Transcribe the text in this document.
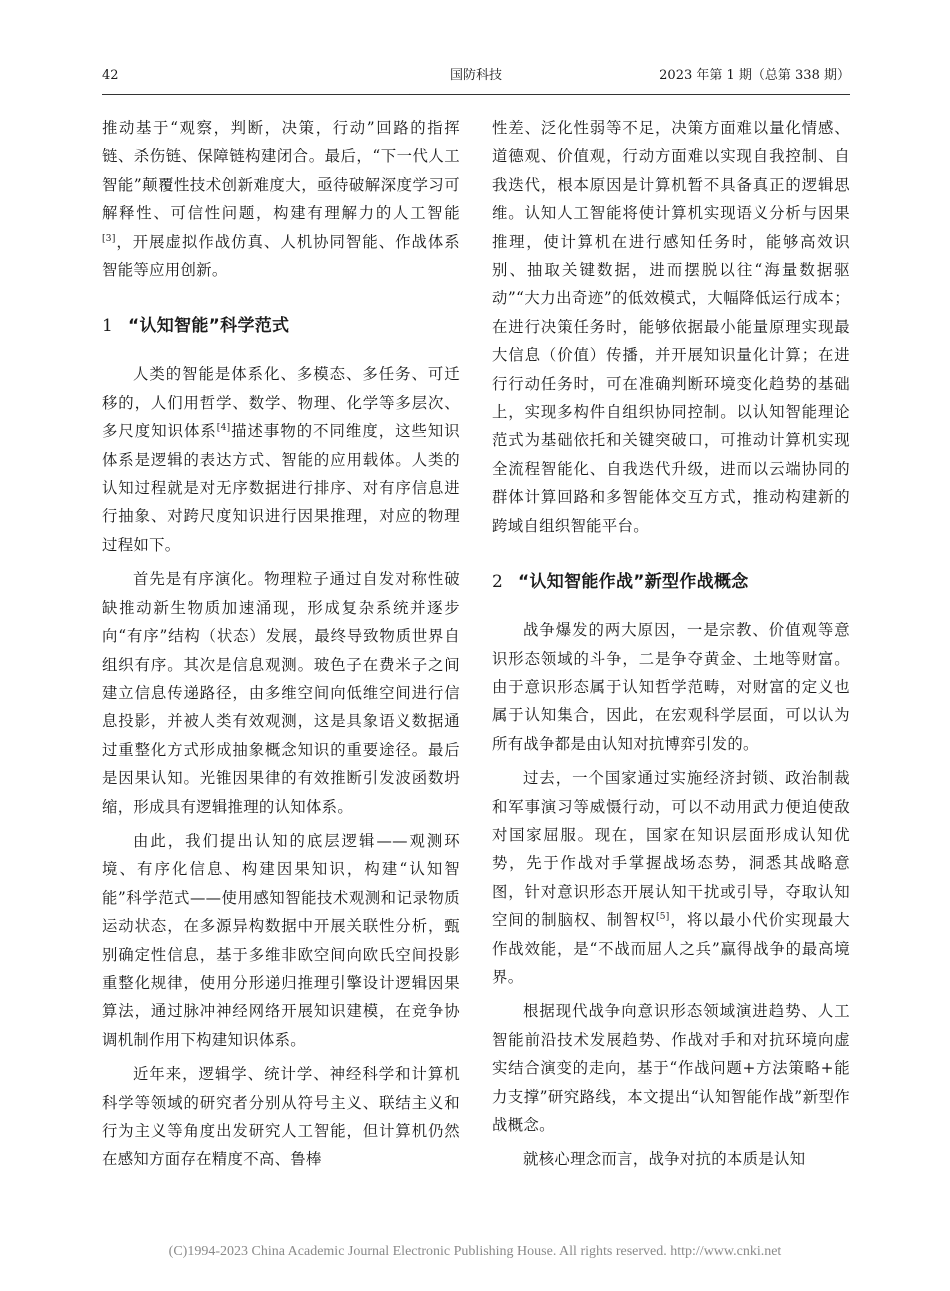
42	国防科技	2023 年第 1 期（总第 338 期）

推动基于“观察，判断，决策，行动”回路的指挥链、杀伤链、保障链构建闭合。最后，“下一代人工智能”颠覆性技术创新难度大，亟待破解深度学习可解释性、可信性问题，构建有理解力的人工智能[3]，开展虚拟作战仿真、人机协同智能、作战体系智能等应用创新。

1 “认知智能”科学范式

人类的智能是体系化、多模态、多任务、可迁移的，人们用哲学、数学、物理、化学等多层次、多尺度知识体系[4]描述事物的不同维度，这些知识体系是逻辑的表达方式、智能的应用载体。人类的认知过程就是对无序数据进行排序、对有序信息进行抽象、对跨尺度知识进行因果推理，对应的物理过程如下。

首先是有序演化。物理粒子通过自发对称性破缺推动新生物质加速涌现，形成复杂系统并逐步向“有序”结构（状态）发展，最终导致物质世界自组织有序。其次是信息观测。玻色子在费米子之间建立信息传递路径，由多维空间向低维空间进行信息投影，并被人类有效观测，这是具象语义数据通过重整化方式形成抽象概念知识的重要途径。最后是因果认知。光锥因果律的有效推断引发波函数坍缩，形成具有逻辑推理的认知体系。

由此，我们提出认知的底层逻辑——观测环境、有序化信息、构建因果知识，构建“认知智能”科学范式——使用感知智能技术观测和记录物质运动状态，在多源异构数据中开展关联性分析，甄别确定性信息，基于多维非欧空间向欧氏空间投影重整化规律，使用分形递归推理引擎设计逻辑因果算法，通过脉冲神经网络开展知识建模，在竞争协调机制作用下构建知识体系。

近年来，逻辑学、统计学、神经科学和计算机科学等领域的研究者分别从符号主义、联结主义和行为主义等角度出发研究人工智能，但计算机仍然在感知方面存在精度不高、鲁棒

性差、泛化性弱等不足，决策方面难以量化情感、道德观、价值观，行动方面难以实现自我控制、自我迭代，根本原因是计算机暂不具备真正的逻辑思维。认知人工智能将使计算机实现语义分析与因果推理，使计算机在进行感知任务时，能够高效识别、抽取关键数据，进而摆脱以往“海量数据驱动”“大力出奇迹”的低效模式，大幅降低运行成本；在进行决策任务时，能够依据最小能量原理实现最大信息（价值）传播，并开展知识量化计算；在进行行动任务时，可在准确判断环境变化趋势的基础上，实现多构件自组织协同控制。以认知智能理论范式为基础依托和关键突破口，可推动计算机实现全流程智能化、自我迭代升级，进而以云端协同的群体计算回路和多智能体交互方式，推动构建新的跨域自组织智能平台。

2 “认知智能作战”新型作战概念

战争爆发的两大原因，一是宗教、价值观等意识形态领域的斗争，二是争夺黄金、土地等财富。由于意识形态属于认知哲学范畴，对财富的定义也属于认知集合，因此，在宏观科学层面，可以认为所有战争都是由认知对抗博弈引发的。

过去，一个国家通过实施经济封锁、政治制裁和军事演习等威慑行动，可以不动用武力便迫使敌对国家屈服。现在，国家在知识层面形成认知优势，先于作战对手掌握战场态势，洞悉其战略意图，针对意识形态开展认知干扰或引导，夺取认知空间的制脑权、制智权[5]，将以最小代价实现最大作战效能，是“不战而屈人之兵”赢得战争的最高境界。

根据现代战争向意识形态领域演进趋势、人工智能前沿技术发展趋势、作战对手和对抗环境向虚实结合演变的走向，基于“作战问题+方法策略+能力支撑”研究路线，本文提出“认知智能作战”新型作战概念。

就核心理念而言，战争对抗的本质是认知

(C)1994-2023 China Academic Journal Electronic Publishing House. All rights reserved. http://www.cnki.net
